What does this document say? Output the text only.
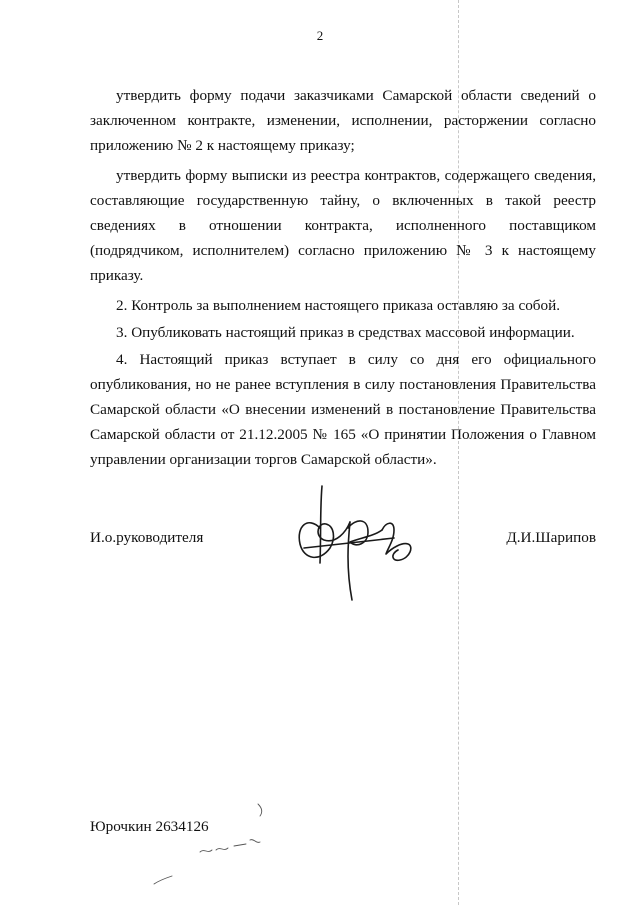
2

утвердить форму подачи заказчиками Самарской области сведений о заключенном контракте, изменении, исполнении, расторжении согласно приложению № 2 к настоящему приказу;

утвердить форму выписки из реестра контрактов, содержащего сведения, составляющие государственную тайну, о включенных в такой реестр сведениях в отношении контракта, исполненного поставщиком (подрядчиком, исполнителем) согласно приложению № 3 к настоящему приказу.

2. Контроль за выполнением настоящего приказа оставляю за собой.

3. Опубликовать настоящий приказ в средствах массовой информации.

4. Настоящий приказ вступает в силу со дня его официального опубликования, но не ранее вступления в силу постановления Правительства Самарской области «О внесении изменений в постановление Правительства Самарской области от 21.12.2005 № 165 «О принятии Положения о Главном управлении организации торгов Самарской области».

И.о.руководителя	Д.И.Шарипов
Юрочкин 2634126
